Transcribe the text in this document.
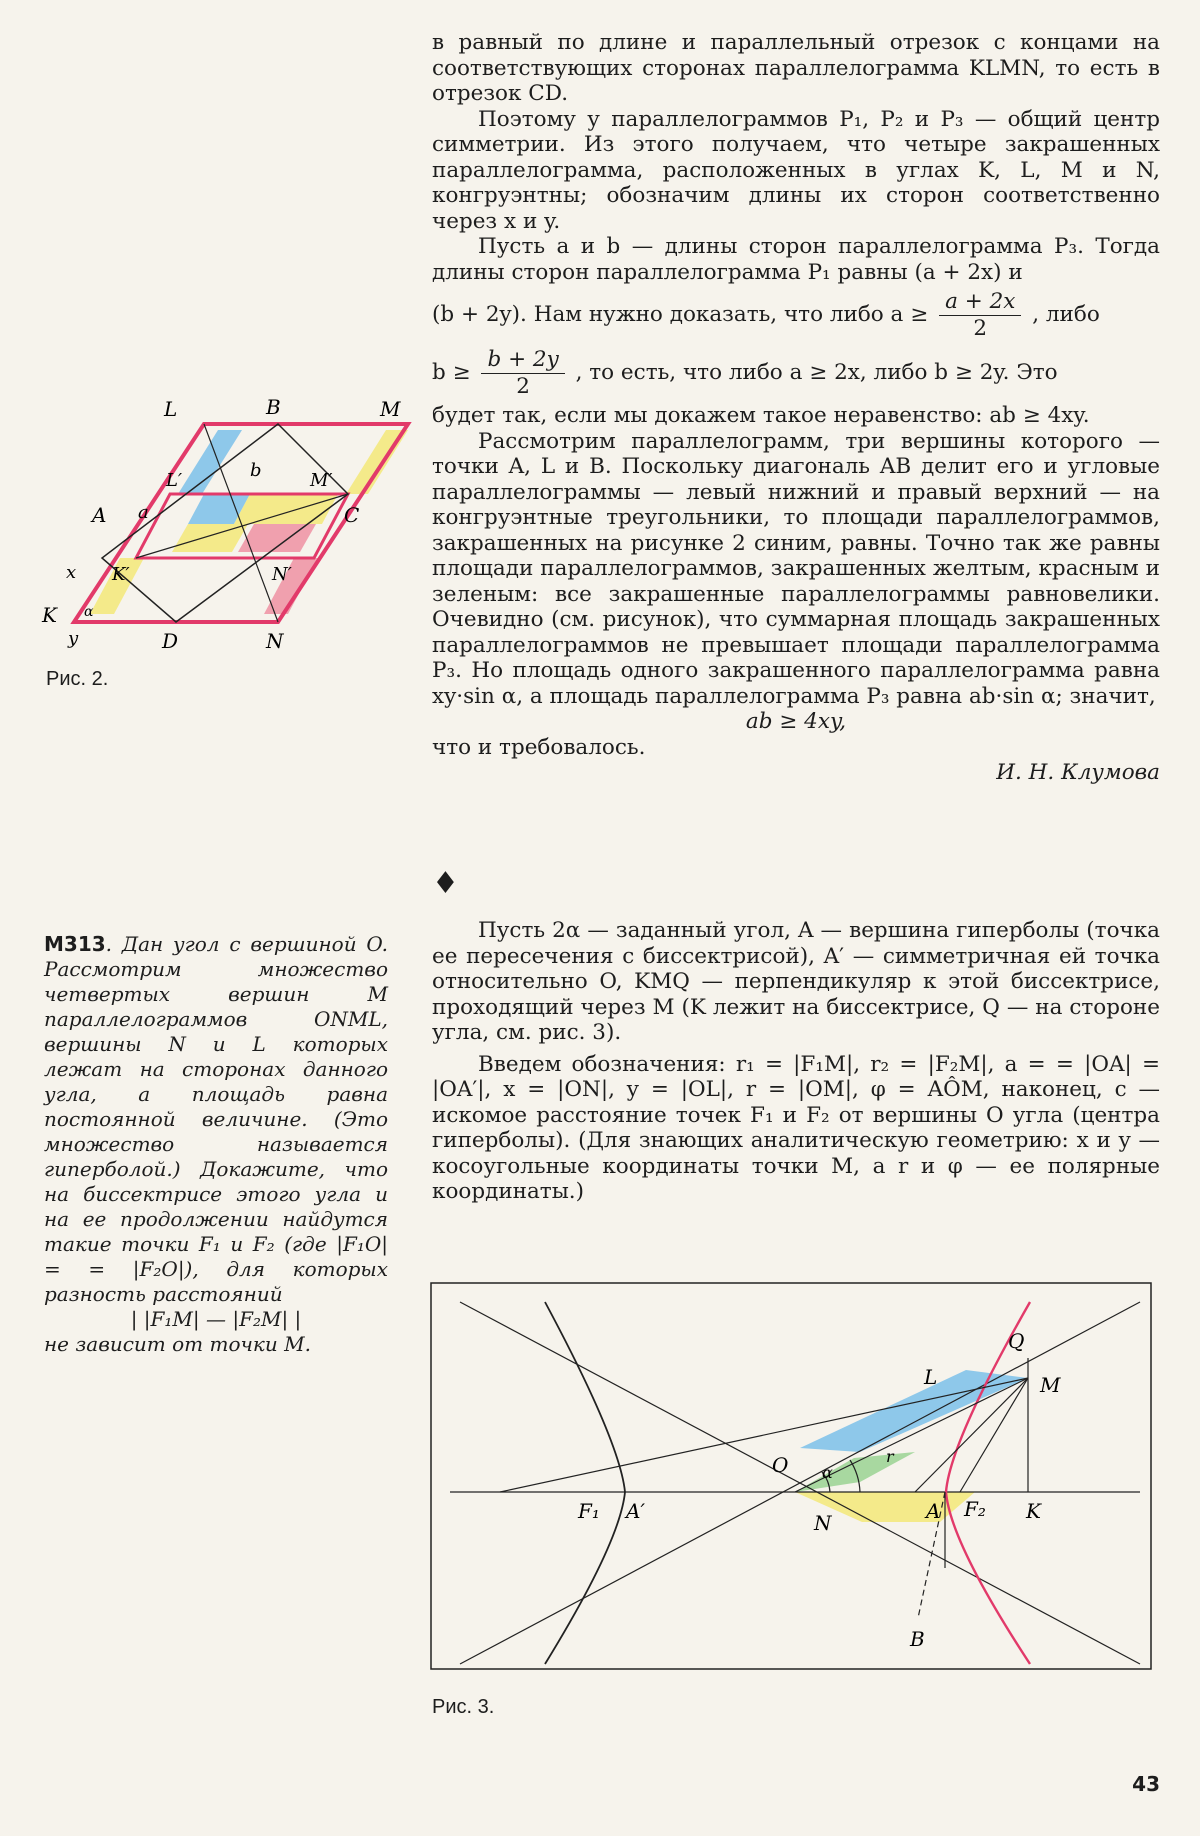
в равный по длине и параллельный отрезок с концами на соответствующих сторонах параллелограмма KLMN, то есть в отрезок CD.

Поэтому у параллелограммов P₁, P₂ и P₃ — общий центр симметрии. Из этого получаем, что четыре закрашенных параллелограмма, расположенных в углах K, L, M и N, конгруэнтны; обозначим длины их сторон соответственно через x и y.

Пусть a и b — длины сторон параллелограмма P₃. Тогда длины сторон параллелограмма P₁ равны (a + 2x) и

(b + 2y). Нам нужно доказать, что либо $a \ge \frac{a + 2x}{2}$ , либо

$b \ge \frac{b + 2y}{2}$ , то есть, что либо a ≥ 2x, либо b ≥ 2y. Это

будет так, если мы докажем такое неравенство: ab ≥ 4xy.

Рассмотрим параллелограмм, три вершины которого — точки A, L и B. Поскольку диагональ AB делит его и угловые параллелограммы — левый нижний и правый верхний — на конгруэнтные треугольники, то площади параллелограммов, закрашенных на рисунке 2 синим, равны. Точно так же равны площади параллелограммов, закрашенных желтым, красным и зеленым: все закрашенные параллелограммы равновелики. Очевидно (см. рисунок), что суммарная площадь закрашенных параллелограммов не превышает площади параллелограмма P₃. Но площадь одного закрашенного параллелограмма равна xy·sin α, а площадь параллелограмма P₃ равна ab·sin α; значит,

ab ≥ 4xy,

что и требовалось.

И. Н. Клумова

♦

Пусть 2α — заданный угол, A — вершина гиперболы (точка ее пересечения с биссектрисой), A′ — симметричная ей точка относительно O, KMQ — перпендикуляр к этой биссектрисе, проходящий через M (K лежит на биссектрисе, Q — на стороне угла, см. рис. 3).

Введем обозначения: r₁ = |F₁M|, r₂ = |F₂M|, a = = |OA| = |OA′|, x = |ON|, y = |OL|, r = |OM|, φ = AÔM, наконец, c — искомое расстояние точек F₁ и F₂ от вершины O угла (центра гиперболы). (Для знающих аналитическую геометрию: x и y — косоугольные координаты точки M, а r и φ — ее полярные координаты.)

М313. Дан угол с вершиной O. Рассмотрим множество четвертых вершин M параллелограммов ONML, вершины N и L которых лежат на сторонах данного угла, а площадь равна постоянной величине. (Это множество называется гиперболой.) Докажите, что на биссектрисе этого угла и на ее продолжении найдутся такие точки F₁ и F₂ (где |F₁O| = = |F₂O|), для которых разность расстояний
| |F₁M| — |F₂M| |
не зависит от точки M.
L	B	M
L′	b	M′
A a	C
x K′	N′
K α
y	D	N
Рис. 2.
Q
L	M
O α
r
F₁ A′	N	A F₂ K
B
Рис. 3.
43
